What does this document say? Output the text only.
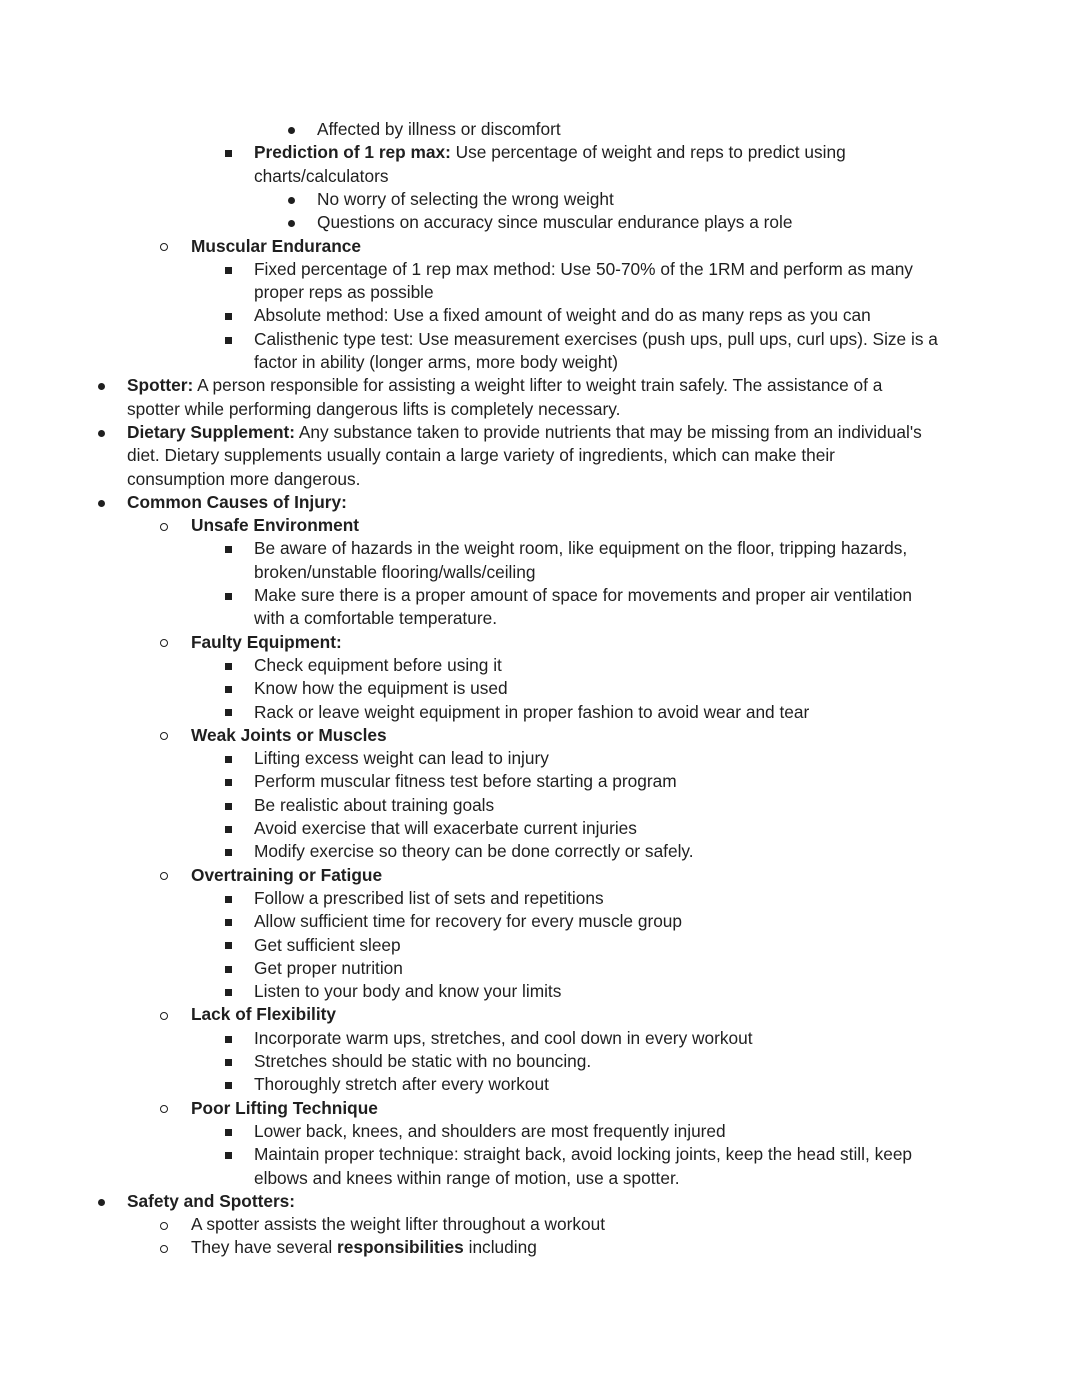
Affected by illness or discomfort
Prediction of 1 rep max: Use percentage of weight and reps to predict using
charts/calculators
No worry of selecting the wrong weight
Questions on accuracy since muscular endurance plays a role
Muscular Endurance
Fixed percentage of 1 rep max method: Use 50-70% of the 1RM and perform as many
proper reps as possible
Absolute method: Use a fixed amount of weight and do as many reps as you can
Calisthenic type test: Use measurement exercises (push ups, pull ups, curl ups). Size is a
factor in ability (longer arms, more body weight)
Spotter: A person responsible for assisting a weight lifter to weight train safely. The assistance of a
spotter while performing dangerous lifts is completely necessary.
Dietary Supplement: Any substance taken to provide nutrients that may be missing from an individual's
diet. Dietary supplements usually contain a large variety of ingredients, which can make their
consumption more dangerous.
Common Causes of Injury:
Unsafe Environment
Be aware of hazards in the weight room, like equipment on the floor, tripping hazards,
broken/unstable flooring/walls/ceiling
Make sure there is a proper amount of space for movements and proper air ventilation
with a comfortable temperature.
Faulty Equipment:
Check equipment before using it
Know how the equipment is used
Rack or leave weight equipment in proper fashion to avoid wear and tear
Weak Joints or Muscles
Lifting excess weight can lead to injury
Perform muscular fitness test before starting a program
Be realistic about training goals
Avoid exercise that will exacerbate current injuries
Modify exercise so theory can be done correctly or safely.
Overtraining or Fatigue
Follow a prescribed list of sets and repetitions
Allow sufficient time for recovery for every muscle group
Get sufficient sleep
Get proper nutrition
Listen to your body and know your limits
Lack of Flexibility
Incorporate warm ups, stretches, and cool down in every workout
Stretches should be static with no bouncing.
Thoroughly stretch after every workout
Poor Lifting Technique
Lower back, knees, and shoulders are most frequently injured
Maintain proper technique: straight back, avoid locking joints, keep the head still, keep
elbows and knees within range of motion, use a spotter.
Safety and Spotters:
A spotter assists the weight lifter throughout a workout
They have several responsibilities including
